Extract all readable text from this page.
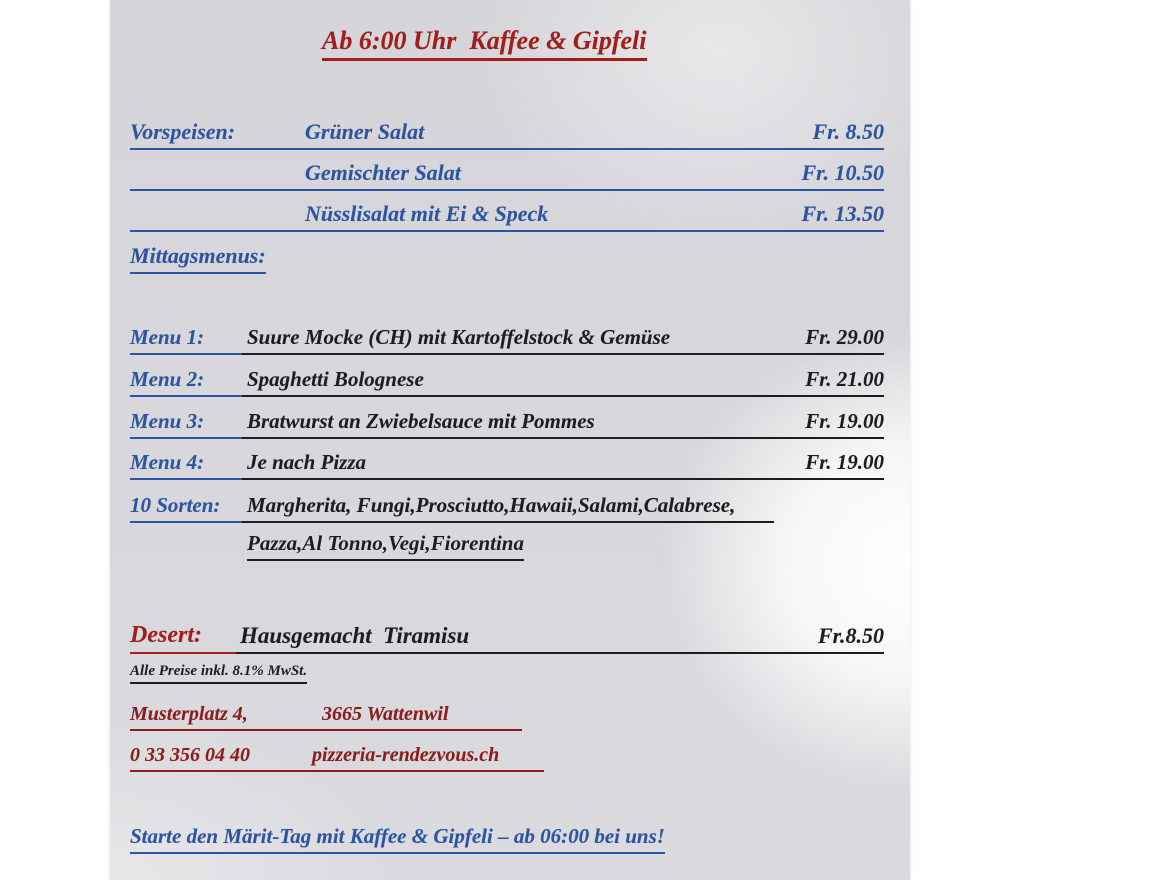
Ab 6:00 Uhr  Kaffee & Gipfeli
Vorspeisen:	Grüner Salat	Fr. 8.50
Gemischter Salat	Fr. 10.50
Nüsslisalat mit Ei & Speck	Fr. 13.50
Mittagsmenus:
Menu 1: Suure Mocke (CH) mit Kartoffelstock & Gemüse	Fr. 29.00
Menu 2: Spaghetti Bolognese	Fr. 21.00
Menu 3: Bratwurst an Zwiebelsauce mit Pommes	Fr. 19.00
Menu 4: Je nach Pizza	Fr. 19.00
10 Sorten: Margherita, Fungi,Prosciutto,Hawaii,Salami,Calabrese,
Pazza,Al Tonno,Vegi,Fiorentina
Desert: Hausgemacht  Tiramisu	Fr.8.50
Alle Preise inkl. 8.1% MwSt.
Musterplatz 4,	3665 Wattenwil
0 33 356 04 40	pizzeria-rendezvous.ch
Starte den Märit-Tag mit Kaffee & Gipfeli – ab 06:00 bei uns!
